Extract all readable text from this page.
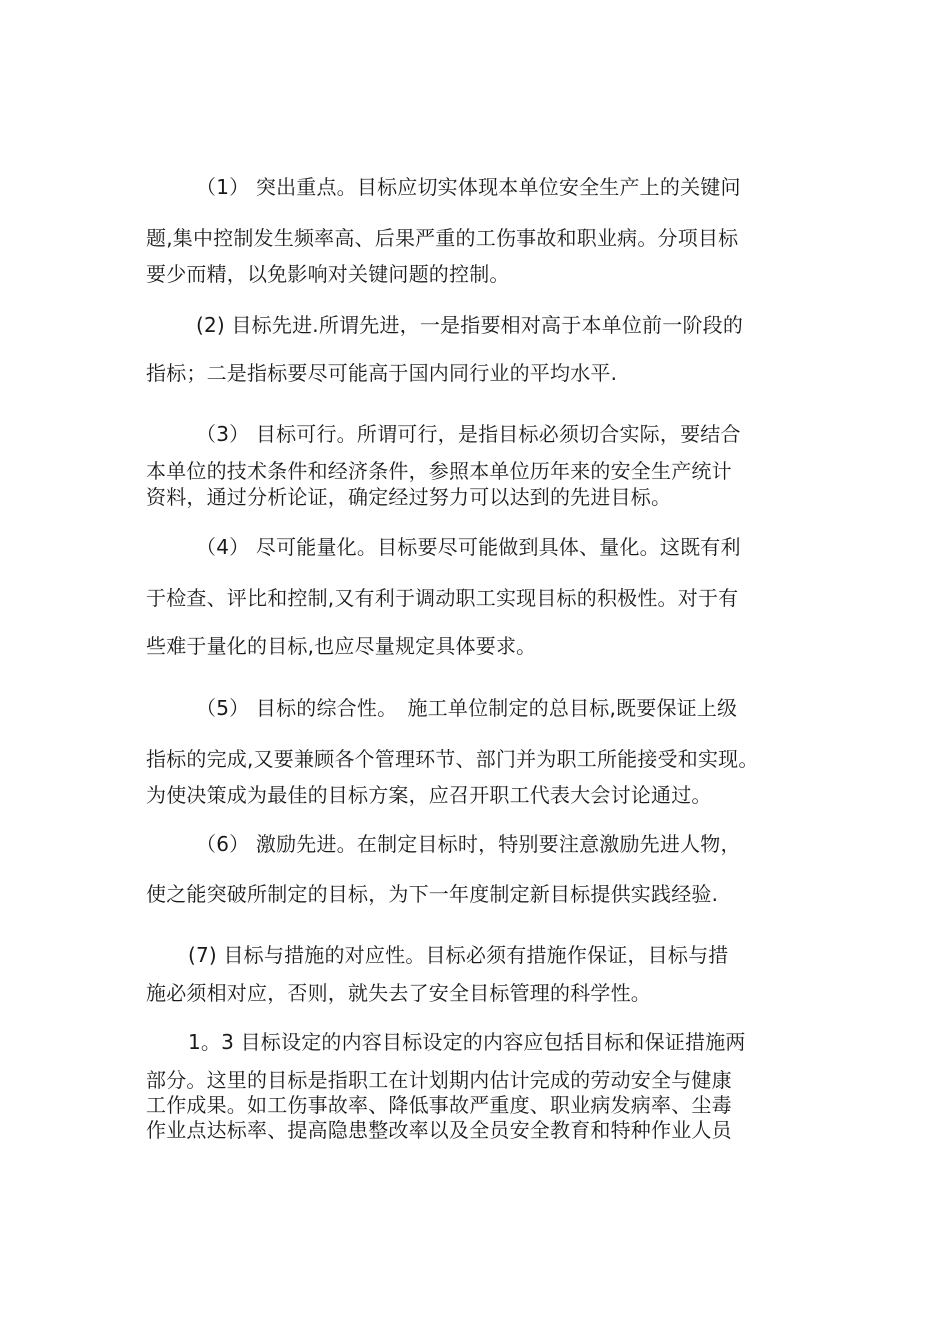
（1） 突出重点。目标应切实体现本单位安全生产上的关键问
题,集中控制发生频率高、后果严重的工伤事故和职业病。分项目标
要少而精，以免影响对关键问题的控制。
(2) 目标先进.所谓先进，一是指要相对高于本单位前一阶段的
指标；二是指标要尽可能高于国内同行业的平均水平.
（3） 目标可行。所谓可行，是指目标必须切合实际，要结合
本单位的技术条件和经济条件，参照本单位历年来的安全生产统计
资料，通过分析论证，确定经过努力可以达到的先进目标。
（4） 尽可能量化。目标要尽可能做到具体、量化。这既有利
于检查、评比和控制,又有利于调动职工实现目标的积极性。对于有
些难于量化的目标,也应尽量规定具体要求。
（5） 目标的综合性。　施工单位制定的总目标,既要保证上级
指标的完成,又要兼顾各个管理环节、部门并为职工所能接受和实现。
为使决策成为最佳的目标方案，应召开职工代表大会讨论通过。
（6） 激励先进。在制定目标时，特别要注意激励先进人物，
使之能突破所制定的目标，为下一年度制定新目标提供实践经验.
(7) 目标与措施的对应性。目标必须有措施作保证，目标与措
施必须相对应，否则，就失去了安全目标管理的科学性。
1。3 目标设定的内容目标设定的内容应包括目标和保证措施两
部分。这里的目标是指职工在计划期内估计完成的劳动安全与健康
工作成果。如工伤事故率、降低事故严重度、职业病发病率、尘毒
作业点达标率、提高隐患整改率以及全员安全教育和特种作业人员
